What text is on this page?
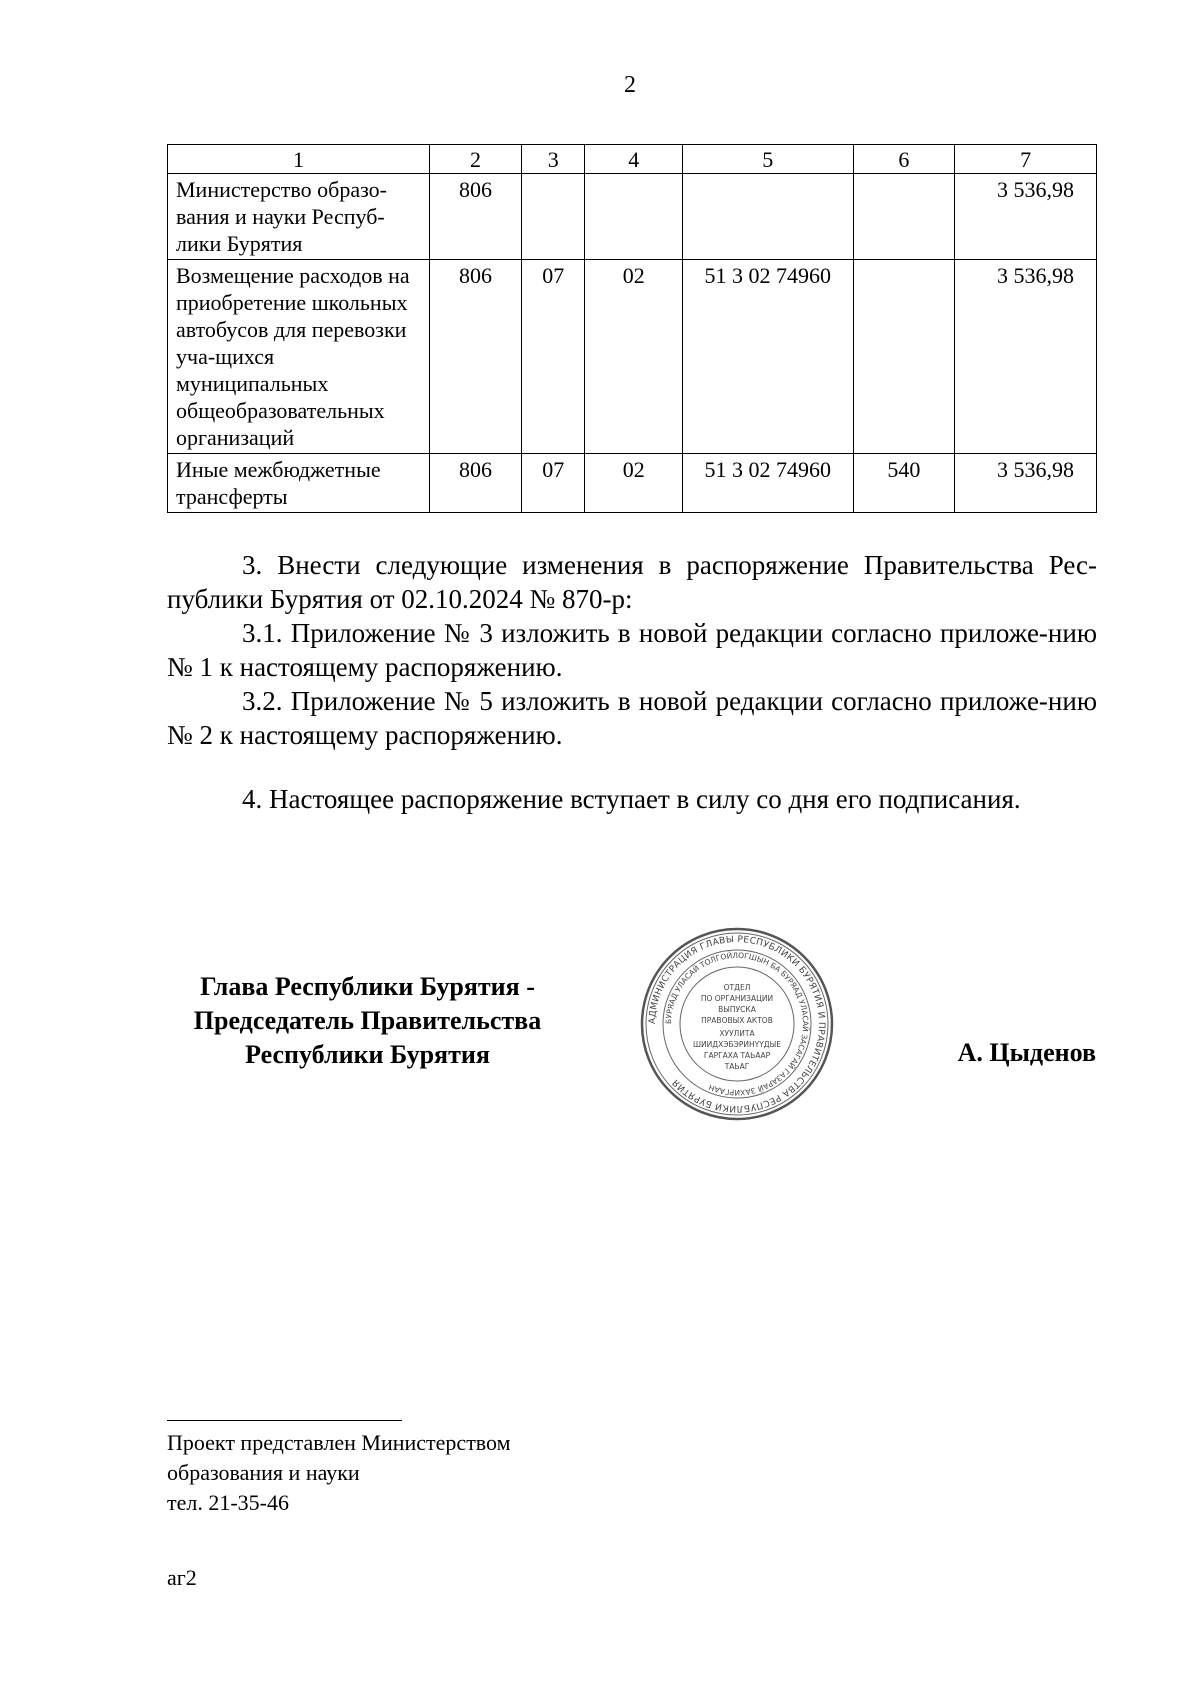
2
1	2	3	4	5	6	7
Министерство образо-вания и науки Респуб-лики Бурятия	806					3 536,98
Возмещение расходов на приобретение школьных автобусов для перевозки уча-щихся муниципальных общеобразовательных организаций	806	07	02	51 3 02 74960		3 536,98
Иные межбюджетные трансферты	806	07	02	51 3 02 74960	540	3 536,98

3. Внести следующие изменения в распоряжение Правительства Рес-публики Бурятия от 02.10.2024 № 870-р:

3.1. Приложение № 3 изложить в новой редакции согласно приложе-нию № 1 к настоящему распоряжению.

3.2. Приложение № 5 изложить в новой редакции согласно приложе-нию № 2 к настоящему распоряжению.

4. Настоящее распоряжение вступает в силу со дня его подписания.

Глава Республики Бурятия - Председатель Правительства Республики Бурятия
АДМИНИСТРАЦИЯ ГЛАВЫ РЕСПУБЛИКИ БУРЯТИЯ И ПРАВИТЕЛЬСТВА РЕСПУБЛИКИ БУРЯТИЯ
БУРЯАД УЛАСАЙ ТОЛГОЙЛОГШЫН БА БУРЯАД УЛАСАЙ ЗАСАГАЙ ГАЗАРАЙ ЗАХИРГААН
ОТДЕЛ
ПО ОРГАНИЗАЦИИ
ВЫПУСКА
ПРАВОВЫХ АКТОВ
ХУУЛИТА
ШИИДХЭБЭРИНҮҮДЫЕ
ГАРГАХА ТАЬААР
ТАЬАГ	А. Цыденов
Проект представлен Министерством
образования и науки
тел. 21-35-46
аг2
